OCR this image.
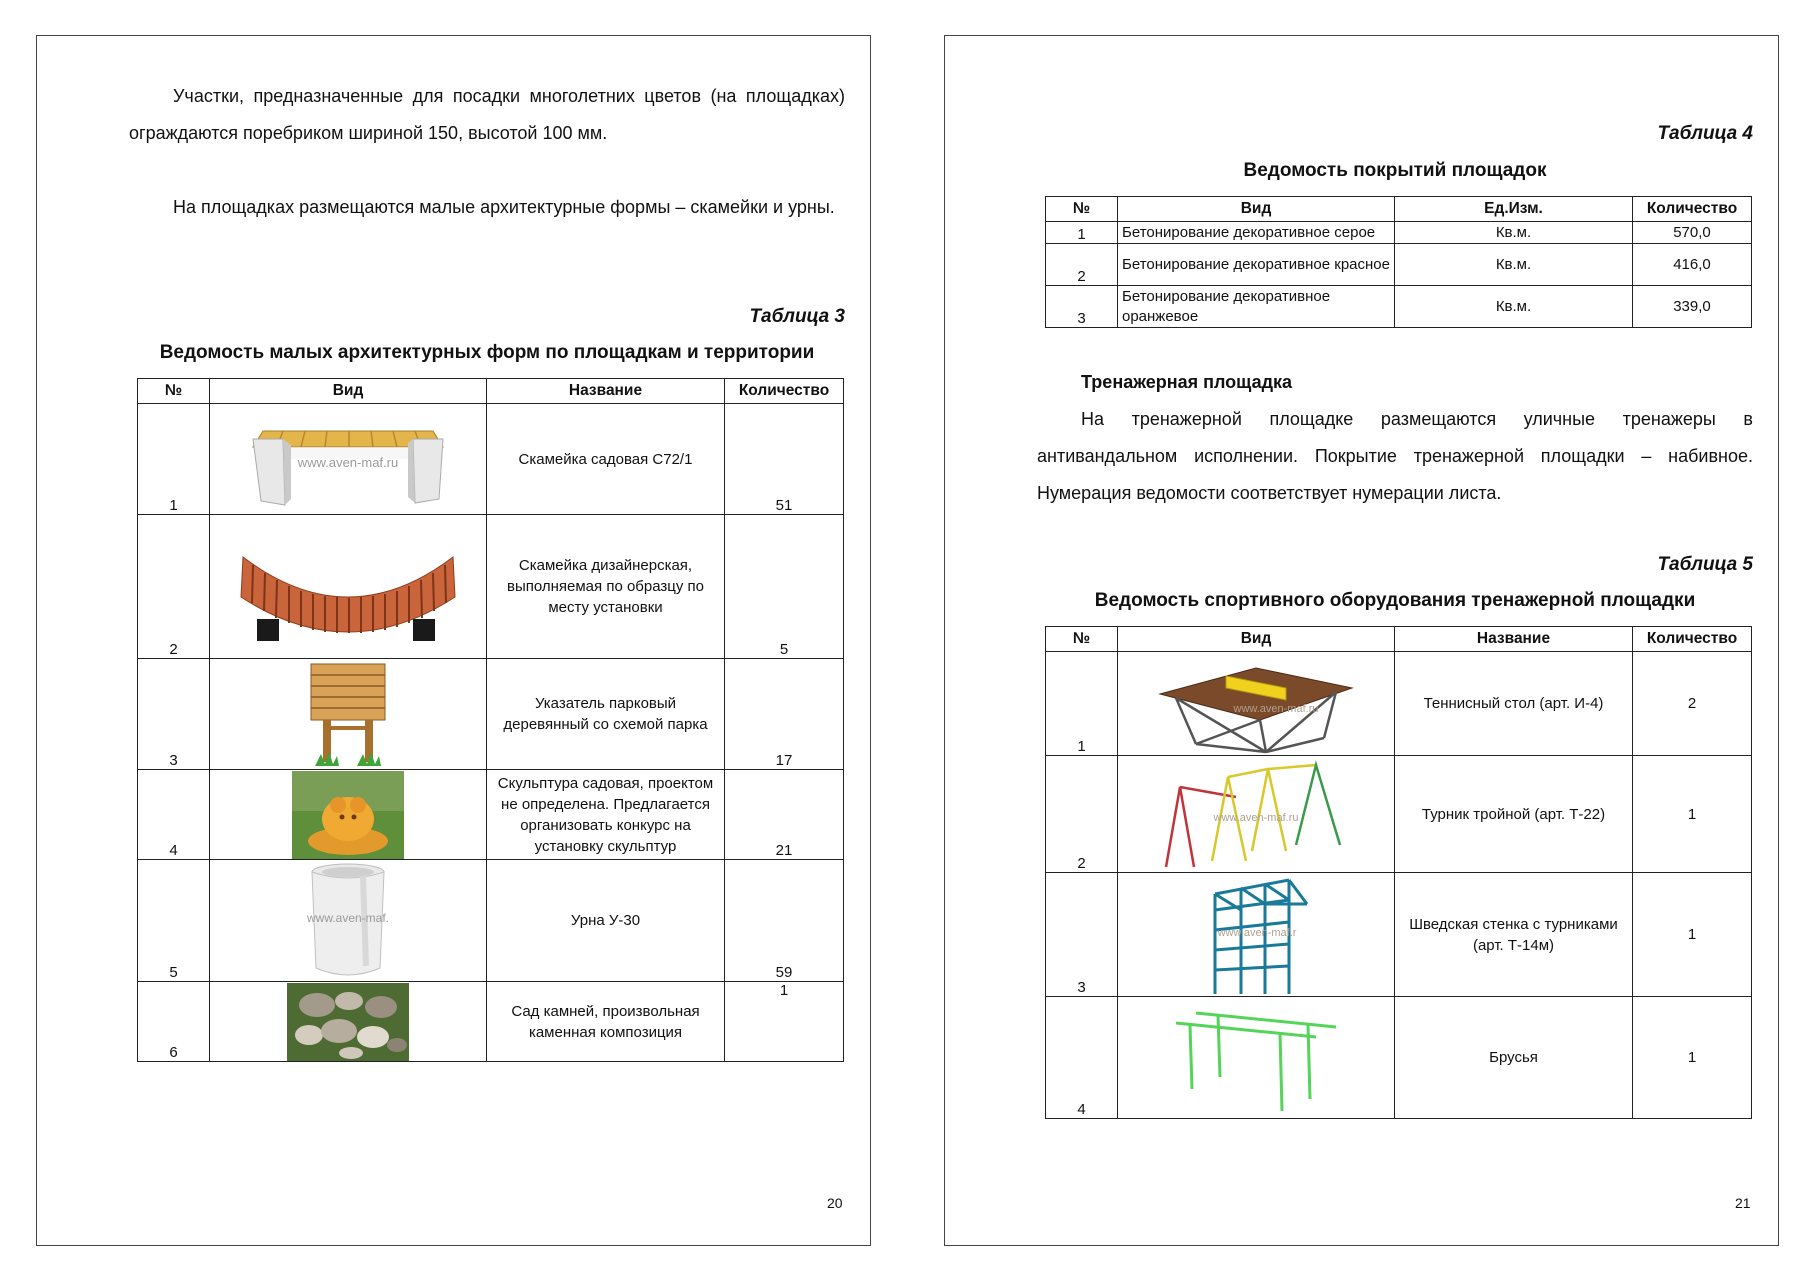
Участки, предназначенные для посадки многолетних цветов (на площадках) ограждаются поребриком шириной 150, высотой 100 мм.
На площадках размещаются малые архитектурные формы – скамейки и урны.
Таблица 3
Ведомость малых архитектурных форм по площадкам и территории
№	Вид	Название	Количество
1	www.aven-maf.ru	Скамейка садовая С72/1	51
2		Скамейка дизайнерская, выполняемая по образцу по месту установки	5
3		Указатель парковый деревянный со схемой парка	17
4		Скульптура садовая, проектом не определена. Предлагается организовать конкурс на установку скульптур	21
5	www.aven-maf.	Урна У-30	59
6		Сад камней, произвольная каменная композиция	1
20
Таблица 4
Ведомость покрытий площадок
№	Вид	Ед.Изм.	Количество
1	Бетонирование декоративное серое	Кв.м.	570,0
2	Бетонирование декоративное красное	Кв.м.	416,0
3	Бетонирование декоративное оранжевое	Кв.м.	339,0
Тренажерная площадка
На тренажерной площадке размещаются уличные тренажеры в антивандальном исполнении. Покрытие тренажерной площадки – набивное. Нумерация ведомости соответствует нумерации листа.
Таблица 5
Ведомость спортивного оборудования тренажерной площадки
№	Вид	Название	Количество
1	www.aven-maf.ru	Теннисный стол (арт. И-4)	2
2	www.aven-maf.ru	Турник тройной (арт. Т-22)	1
3	www.aven-maf.r	Шведская стенка с турниками (арт. Т-14м)	1
4		Брусья	1
21
